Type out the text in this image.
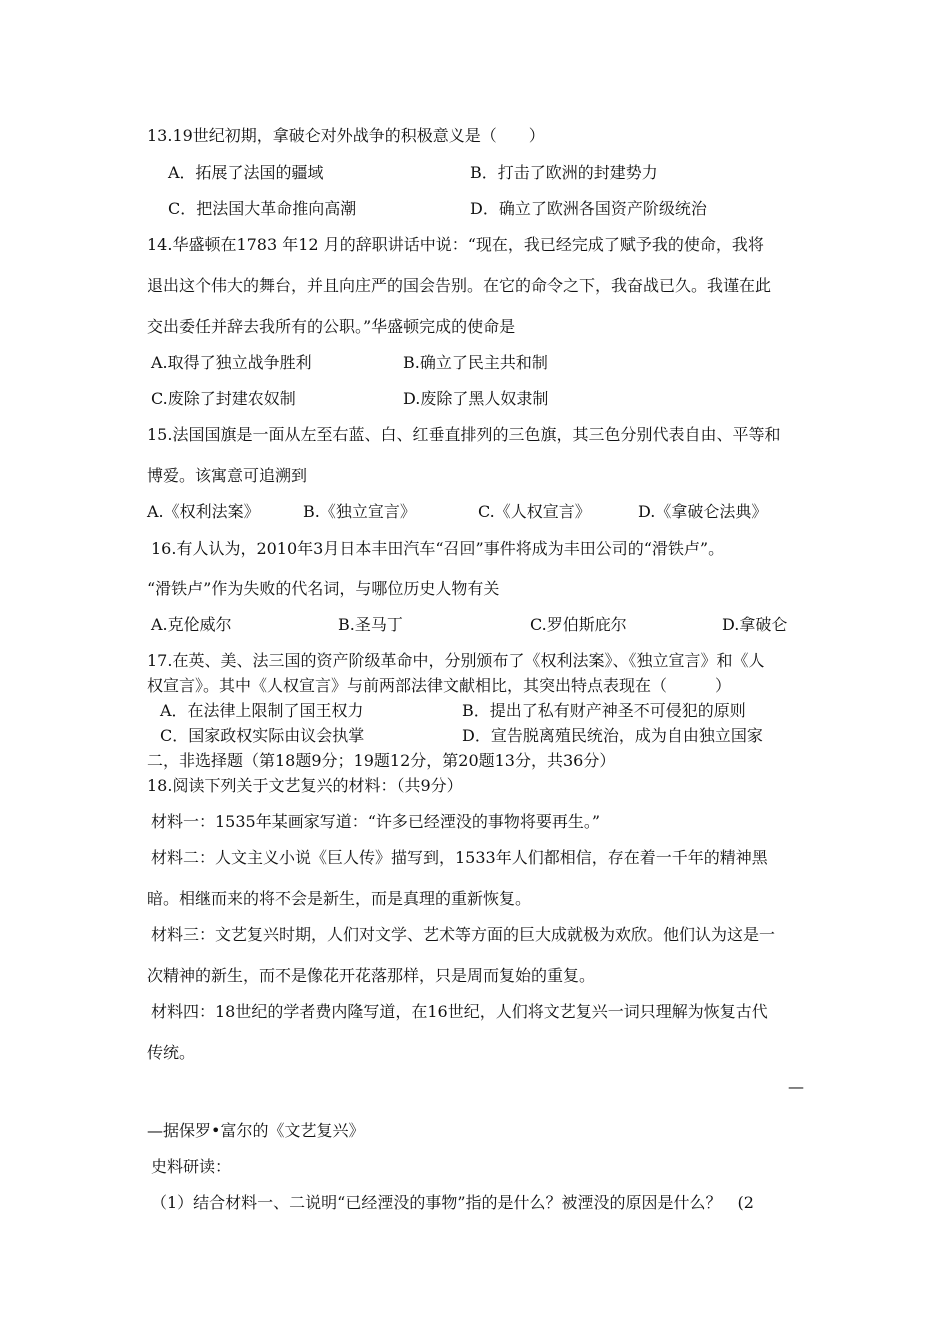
13.19世纪初期，拿破仑对外战争的积极意义是（　　）
A．拓展了法国的疆域	B．打击了欧洲的封建势力
C．把法国大革命推向高潮	D．确立了欧洲各国资产阶级统治
14.华盛顿在1783 年12 月的辞职讲话中说：“现在，我已经完成了赋予我的使命，我将
退出这个伟大的舞台，并且向庄严的国会告别。在它的命令之下，我奋战已久。我谨在此
交出委任并辞去我所有的公职。”华盛顿完成的使命是
A.取得了独立战争胜利	B.确立了民主共和制
C.废除了封建农奴制	D.废除了黑人奴隶制
15.法国国旗是一面从左至右蓝、白、红垂直排列的三色旗，其三色分别代表自由、平等和
博爱。该寓意可追溯到
A.《权利法案》	B.《独立宣言》	C.《人权宣言》	D.《拿破仑法典》
16.有人认为，2010年3月日本丰田汽车“召回”事件将成为丰田公司的“滑铁卢”。
“滑铁卢”作为失败的代名词，与哪位历史人物有关
A.克伦威尔	B.圣马丁	C.罗伯斯庇尔	D.拿破仑
17.在英、美、法三国的资产阶级革命中，分别颁布了《权利法案》、《独立宣言》和《人
权宣言》。其中《人权宣言》与前两部法律文献相比，其突出特点表现在（　　　）
A．在法律上限制了国王权力	B．提出了私有财产神圣不可侵犯的原则
C．国家政权实际由议会执掌	D．宣告脱离殖民统治，成为自由独立国家
二，非选择题（第18题9分；19题12分，第20题13分，共36分）
18.阅读下列关于文艺复兴的材料：（共9分）
材料一：1535年某画家写道：“许多已经湮没的事物将要再生。”
材料二：人文主义小说《巨人传》描写到，1533年人们都相信，存在着一千年的精神黑
暗。相继而来的将不会是新生，而是真理的重新恢复。
材料三：文艺复兴时期，人们对文学、艺术等方面的巨大成就极为欢欣。他们认为这是一
次精神的新生，而不是像花开花落那样，只是周而复始的重复。
材料四：18世纪的学者费内隆写道，在16世纪，人们将文艺复兴一词只理解为恢复古代
传统。
—
—据保罗•富尔的《文艺复兴》
史料研读：
（1）结合材料一、二说明“已经湮没的事物”指的是什么？被湮没的原因是什么？　(2
